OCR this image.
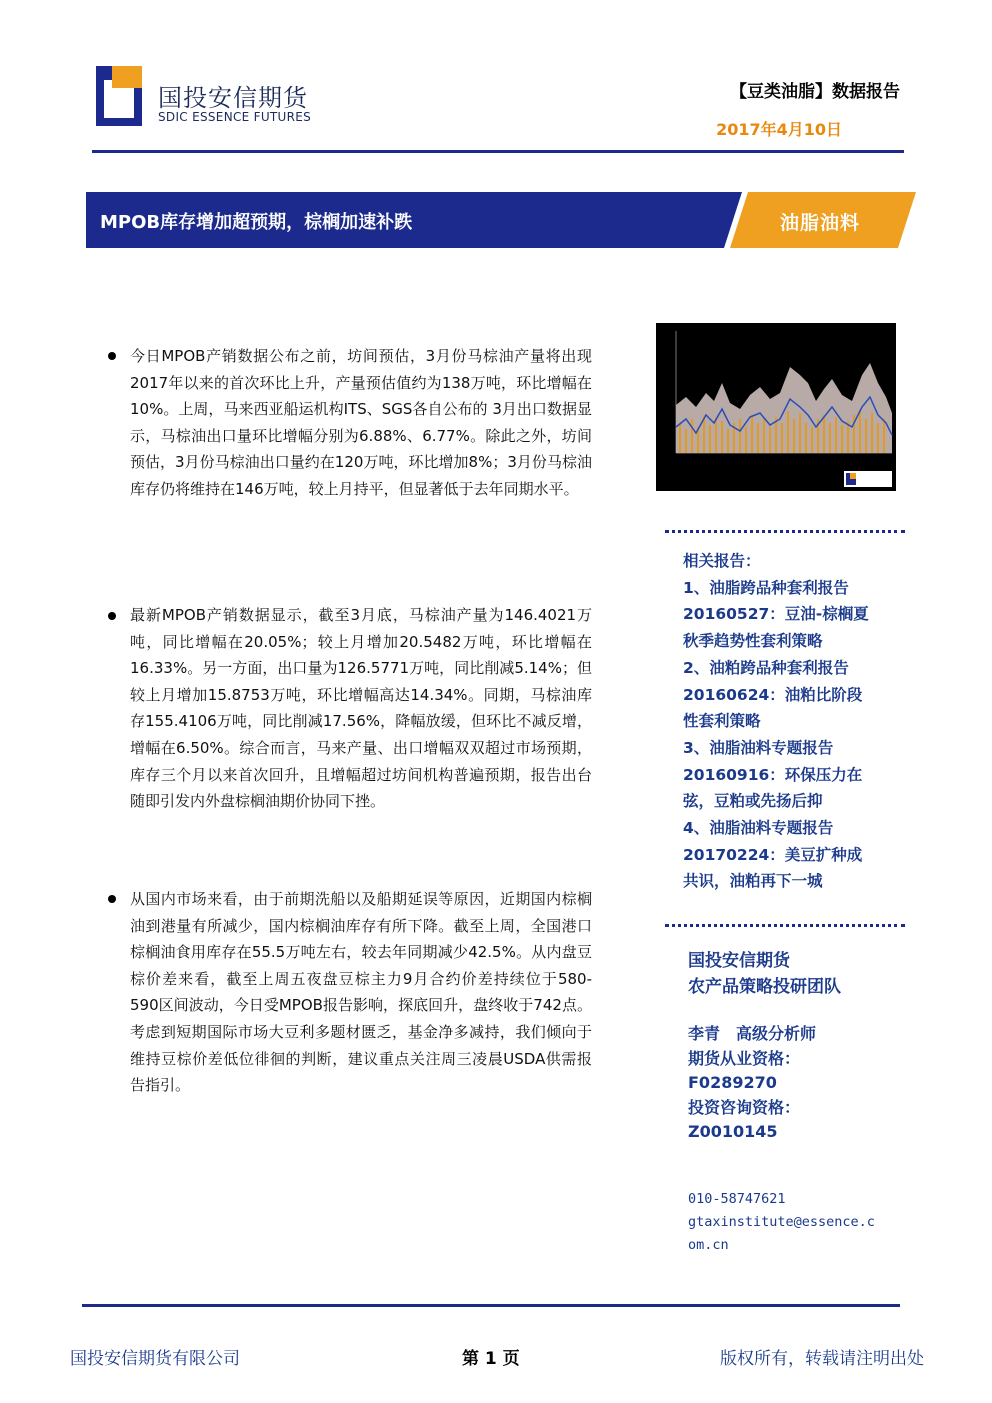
国投安信期货
SDIC ESSENCE FUTURES
【豆类油脂】数据报告
2017年4月10日
MPOB库存增加超预期，棕榈加速补跌	油脂油料
今日MPOB产销数据公布之前，坊间预估，3月份马棕油产量将出现2017年以来的首次环比上升，产量预估值约为138万吨，环比增幅在10%。上周，马来西亚船运机构ITS、SGS各自公布的 3月出口数据显示，马棕油出口量环比增幅分别为6.88%、6.77%。除此之外，坊间预估，3月份马棕油出口量约在120万吨，环比增加8%；3月份马棕油库存仍将维持在146万吨，较上月持平，但显著低于去年同期水平。
最新MPOB产销数据显示，截至3月底，马棕油产量为146.4021万吨，同比增幅在20.05%；较上月增加20.5482万吨，环比增幅在16.33%。另一方面，出口量为126.5771万吨，同比削减5.14%；但较上月增加15.8753万吨，环比增幅高达14.34%。同期，马棕油库存155.4106万吨，同比削减17.56%，降幅放缓，但环比不减反增，增幅在6.50%。综合而言，马来产量、出口增幅双双超过市场预期，库存三个月以来首次回升，且增幅超过坊间机构普遍预期，报告出台随即引发内外盘棕榈油期价协同下挫。
从国内市场来看，由于前期洗船以及船期延误等原因，近期国内棕榈油到港量有所减少，国内棕榈油库存有所下降。截至上周，全国港口棕榈油食用库存在55.5万吨左右，较去年同期减少42.5%。从内盘豆棕价差来看，截至上周五夜盘豆棕主力9月合约价差持续位于580-590区间波动，今日受MPOB报告影响，探底回升，盘终收于742点。考虑到短期国际市场大豆利多题材匮乏，基金净多减持，我们倾向于维持豆棕价差低位徘徊的判断，建议重点关注周三凌晨USDA供需报告指引。
相关报告：
1、油脂跨品种套利报告
20160527：豆油-棕榈夏
秋季趋势性套利策略
2、油粕跨品种套利报告
20160624：油粕比阶段
性套利策略
3、油脂油料专题报告
20160916：环保压力在
弦，豆粕或先扬后抑
4、油脂油料专题报告
20170224：美豆扩种成
共识，油粕再下一城
国投安信期货
农产品策略投研团队
李青　高级分析师
期货从业资格：
F0289270
投资咨询资格：
Z0010145
010-58747621
gtaxinstitute@essence.c
om.cn
国投安信期货有限公司	第 1 页	版权所有，转载请注明出处
